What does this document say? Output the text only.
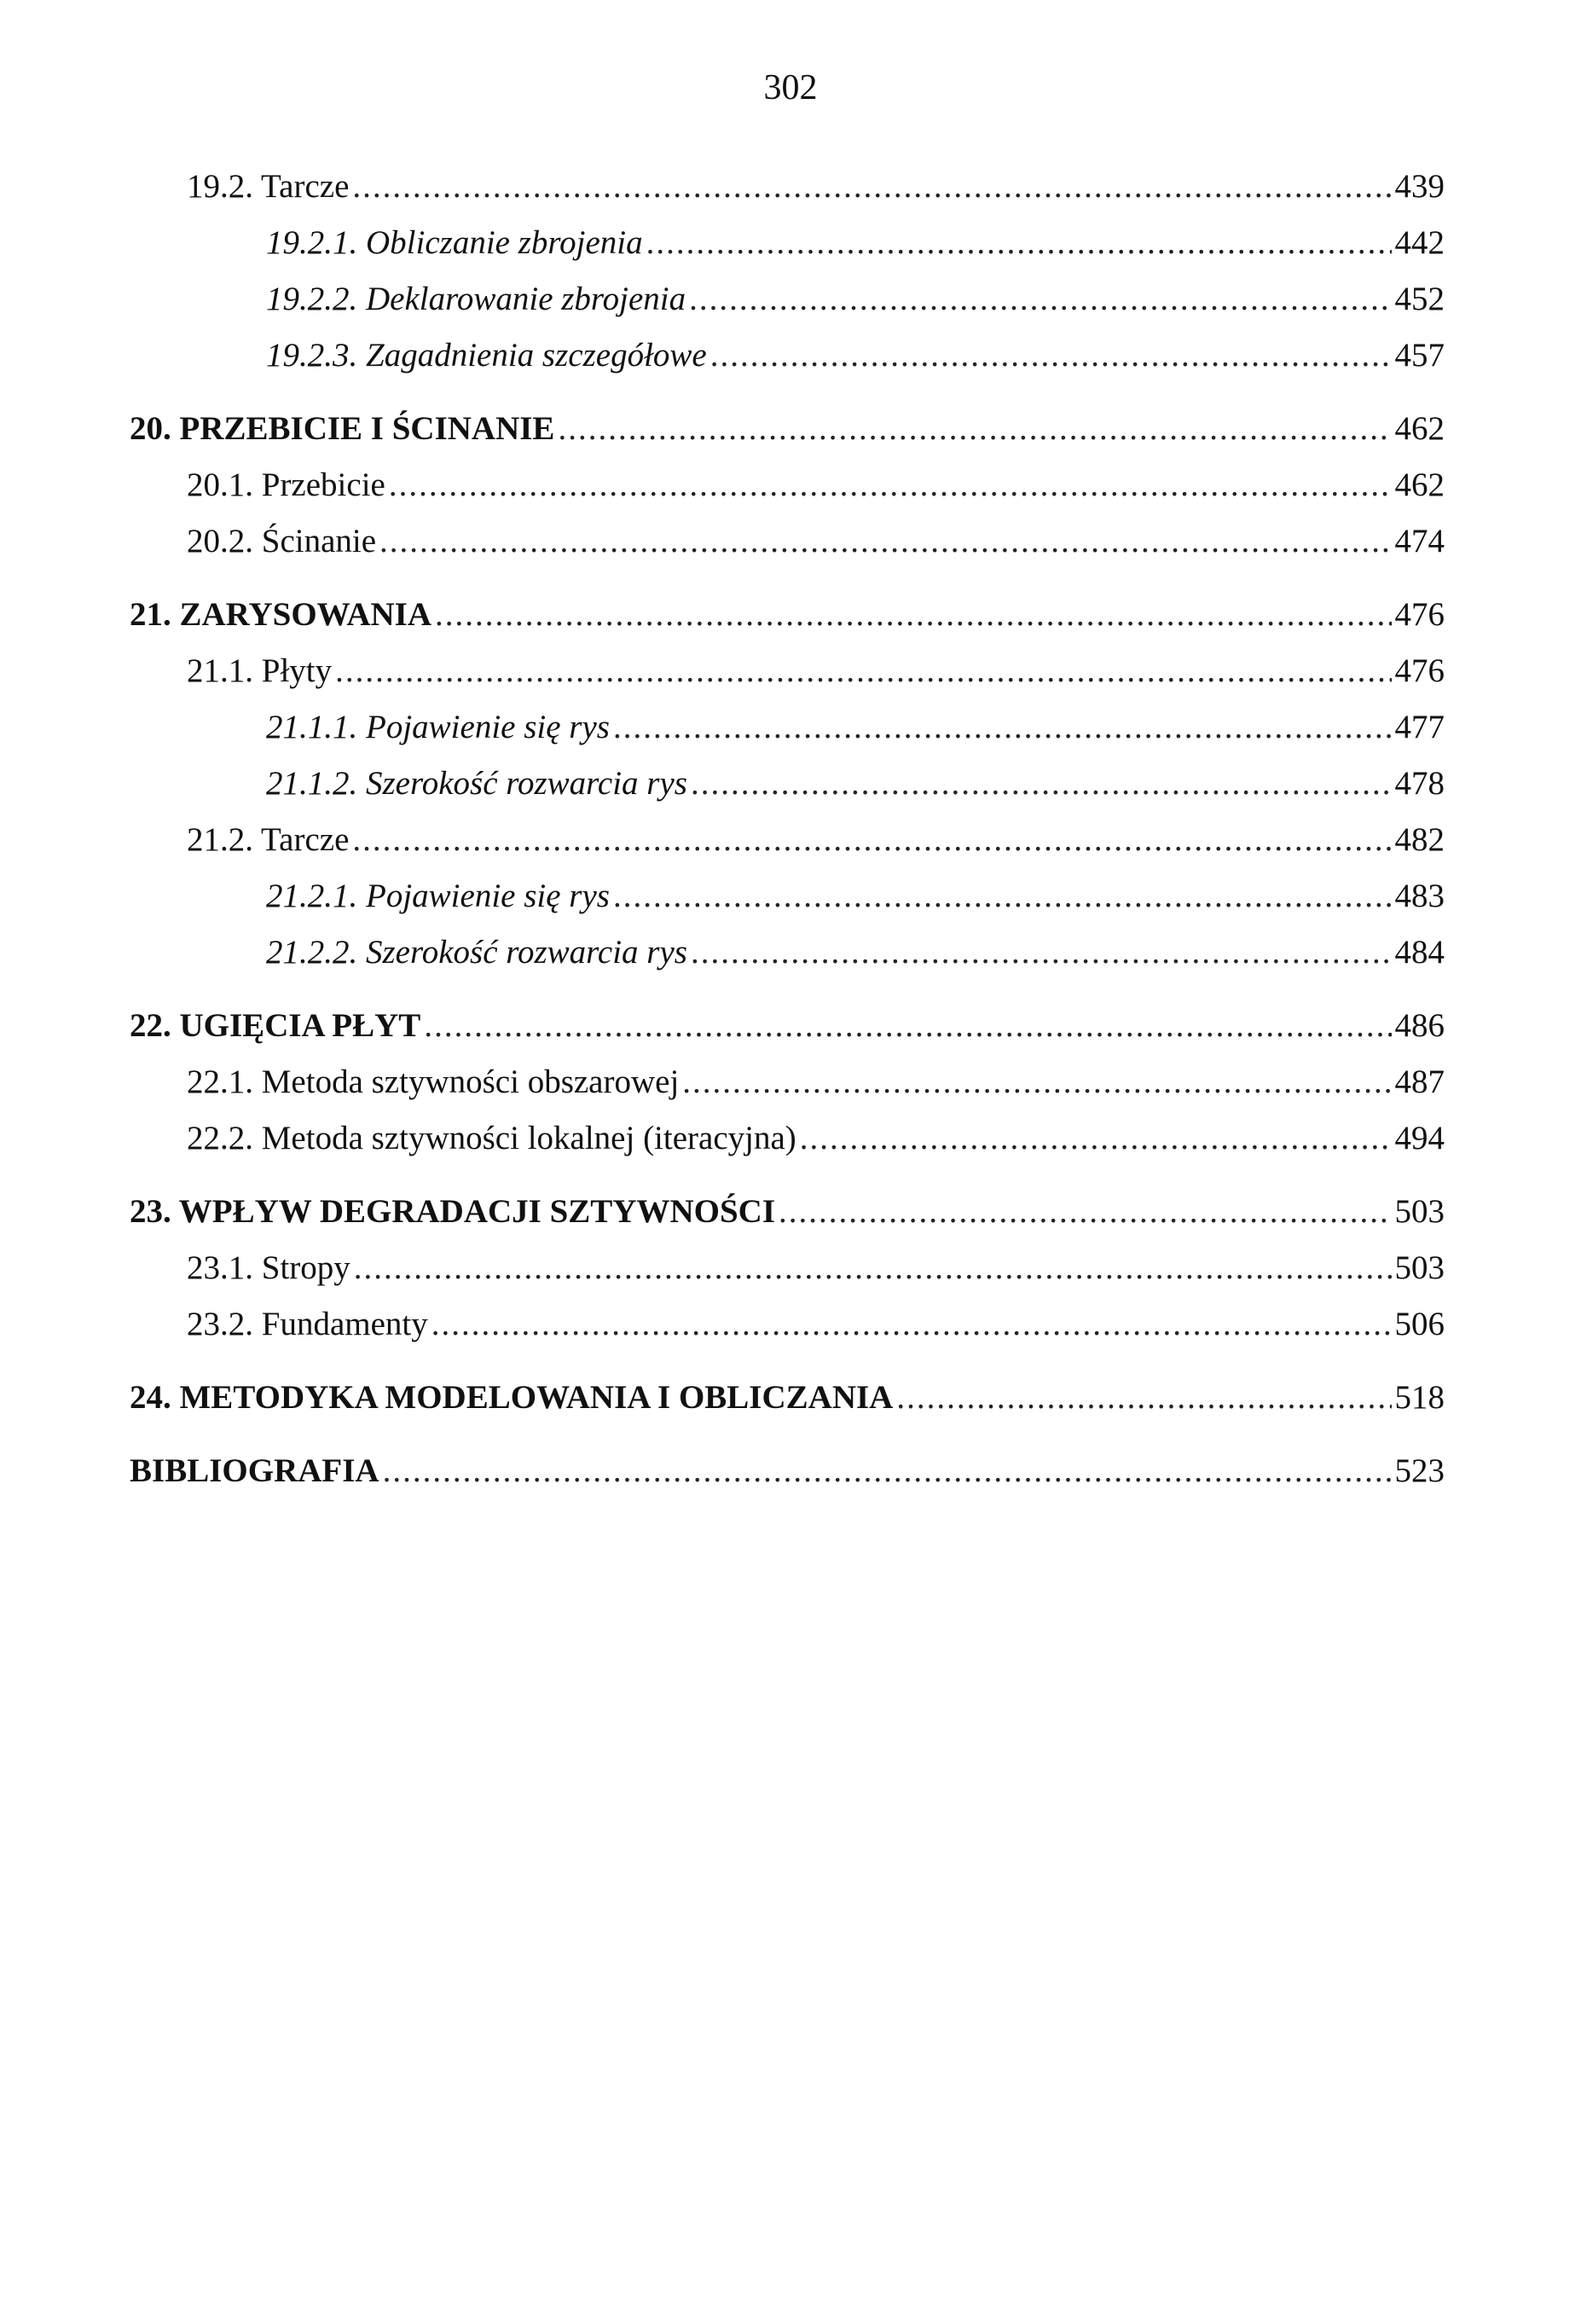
302
19.2. Tarcze .....	439
19.2.1. Obliczanie zbrojenia .....	442
19.2.2. Deklarowanie zbrojenia .....	452
19.2.3. Zagadnienia szczegółowe .....	457
20. PRZEBICIE I ŚCINANIE .....	462
20.1. Przebicie .....	462
20.2. Ścinanie .....	474
21. ZARYSOWANIA .....	476
21.1. Płyty .....	476
21.1.1. Pojawienie się rys .....	477
21.1.2. Szerokość rozwarcia rys .....	478
21.2. Tarcze .....	482
21.2.1. Pojawienie się rys .....	483
21.2.2. Szerokość rozwarcia rys .....	484
22. UGIĘCIA PŁYT .....	486
22.1. Metoda sztywności obszarowej .....	487
22.2. Metoda sztywności lokalnej (iteracyjna) .....	494
23. WPŁYW DEGRADACJI SZTYWNOŚCI .....	503
23.1. Stropy .....	503
23.2. Fundamenty .....	506
24. METODYKA MODELOWANIA I OBLICZANIA .....	518
BIBLIOGRAFIA .....	523
